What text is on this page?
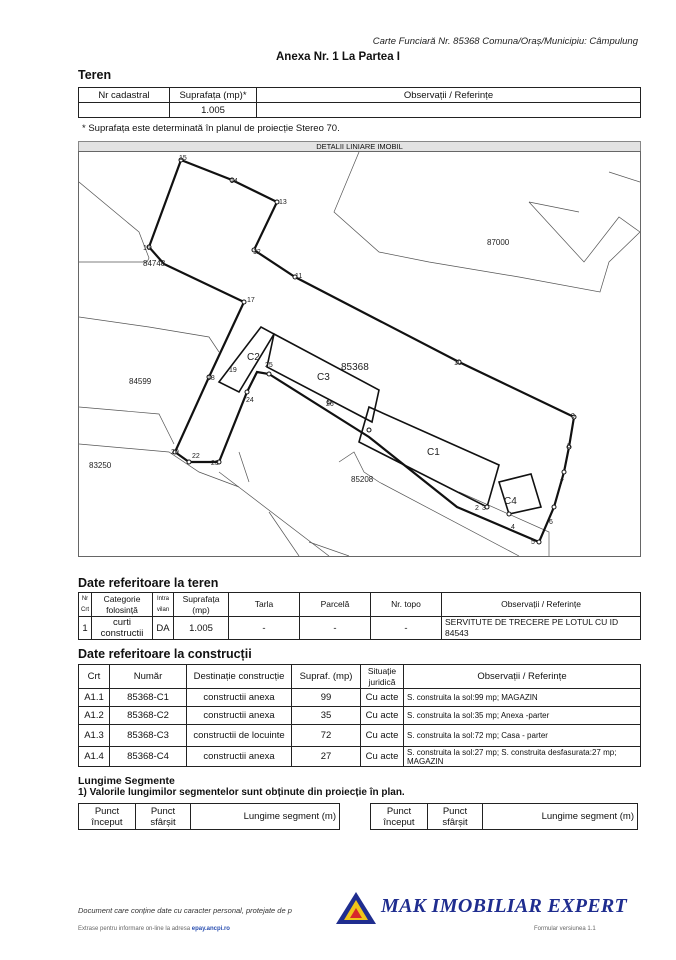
Carte Funciară Nr. 85368 Comuna/Oraș/Municipiu: Câmpulung
Anexa Nr. 1 La Partea I
Teren
Nr cadastral	Suprafața (mp)*	Observații / Referințe
	1.005	
* Suprafața este determinată în planul de proiecție Stereo 70.
DETALII LINIARE IMOBIL
15
14
13
12
11
10
9
8
7
6
5
4
3
2
16
17
18
19
20
22
23
24
25
26
87000
84748
84599
83250
85208
85368
C2
C3
C1
C4
Date referitoare la teren
Nr Crt	Categorie folosință	Intra vilan	Suprafața (mp)	Tarla	Parcelă	Nr. topo	Observații / Referințe
1	curti constructii	DA	1.005	-	-	-	SERVITUTE DE TRECERE PE LOTUL CU ID 84543
Date referitoare la construcții
Crt	Număr	Destinație construcție	Supraf. (mp)	Situație juridică	Observații / Referințe
A1.1	85368-C1	constructii anexa	99	Cu acte	S. construita la sol:99 mp; MAGAZIN
A1.2	85368-C2	constructii anexa	35	Cu acte	S. construita la sol:35 mp; Anexa -parter
A1.3	85368-C3	constructii de locuinte	72	Cu acte	S. construita la sol:72 mp; Casa - parter
A1.4	85368-C4	constructii anexa	27	Cu acte	S. construita la sol:27 mp; S. construita desfasurata:27 mp; MAGAZIN
Lungime Segmente
1) Valorile lungimilor segmentelor sunt obținute din proiecție în plan.
Punct început	Punct sfârșit	Lungime segment (m)	Punct început	Punct sfârșit	Lungime segment (m)
Document care conține date cu caracter personal, protejate de p
Extrase pentru informare on-line la adresa epay.ancpi.ro	Formular versiunea 1.1
MAK IMOBILIAR EXPERT
